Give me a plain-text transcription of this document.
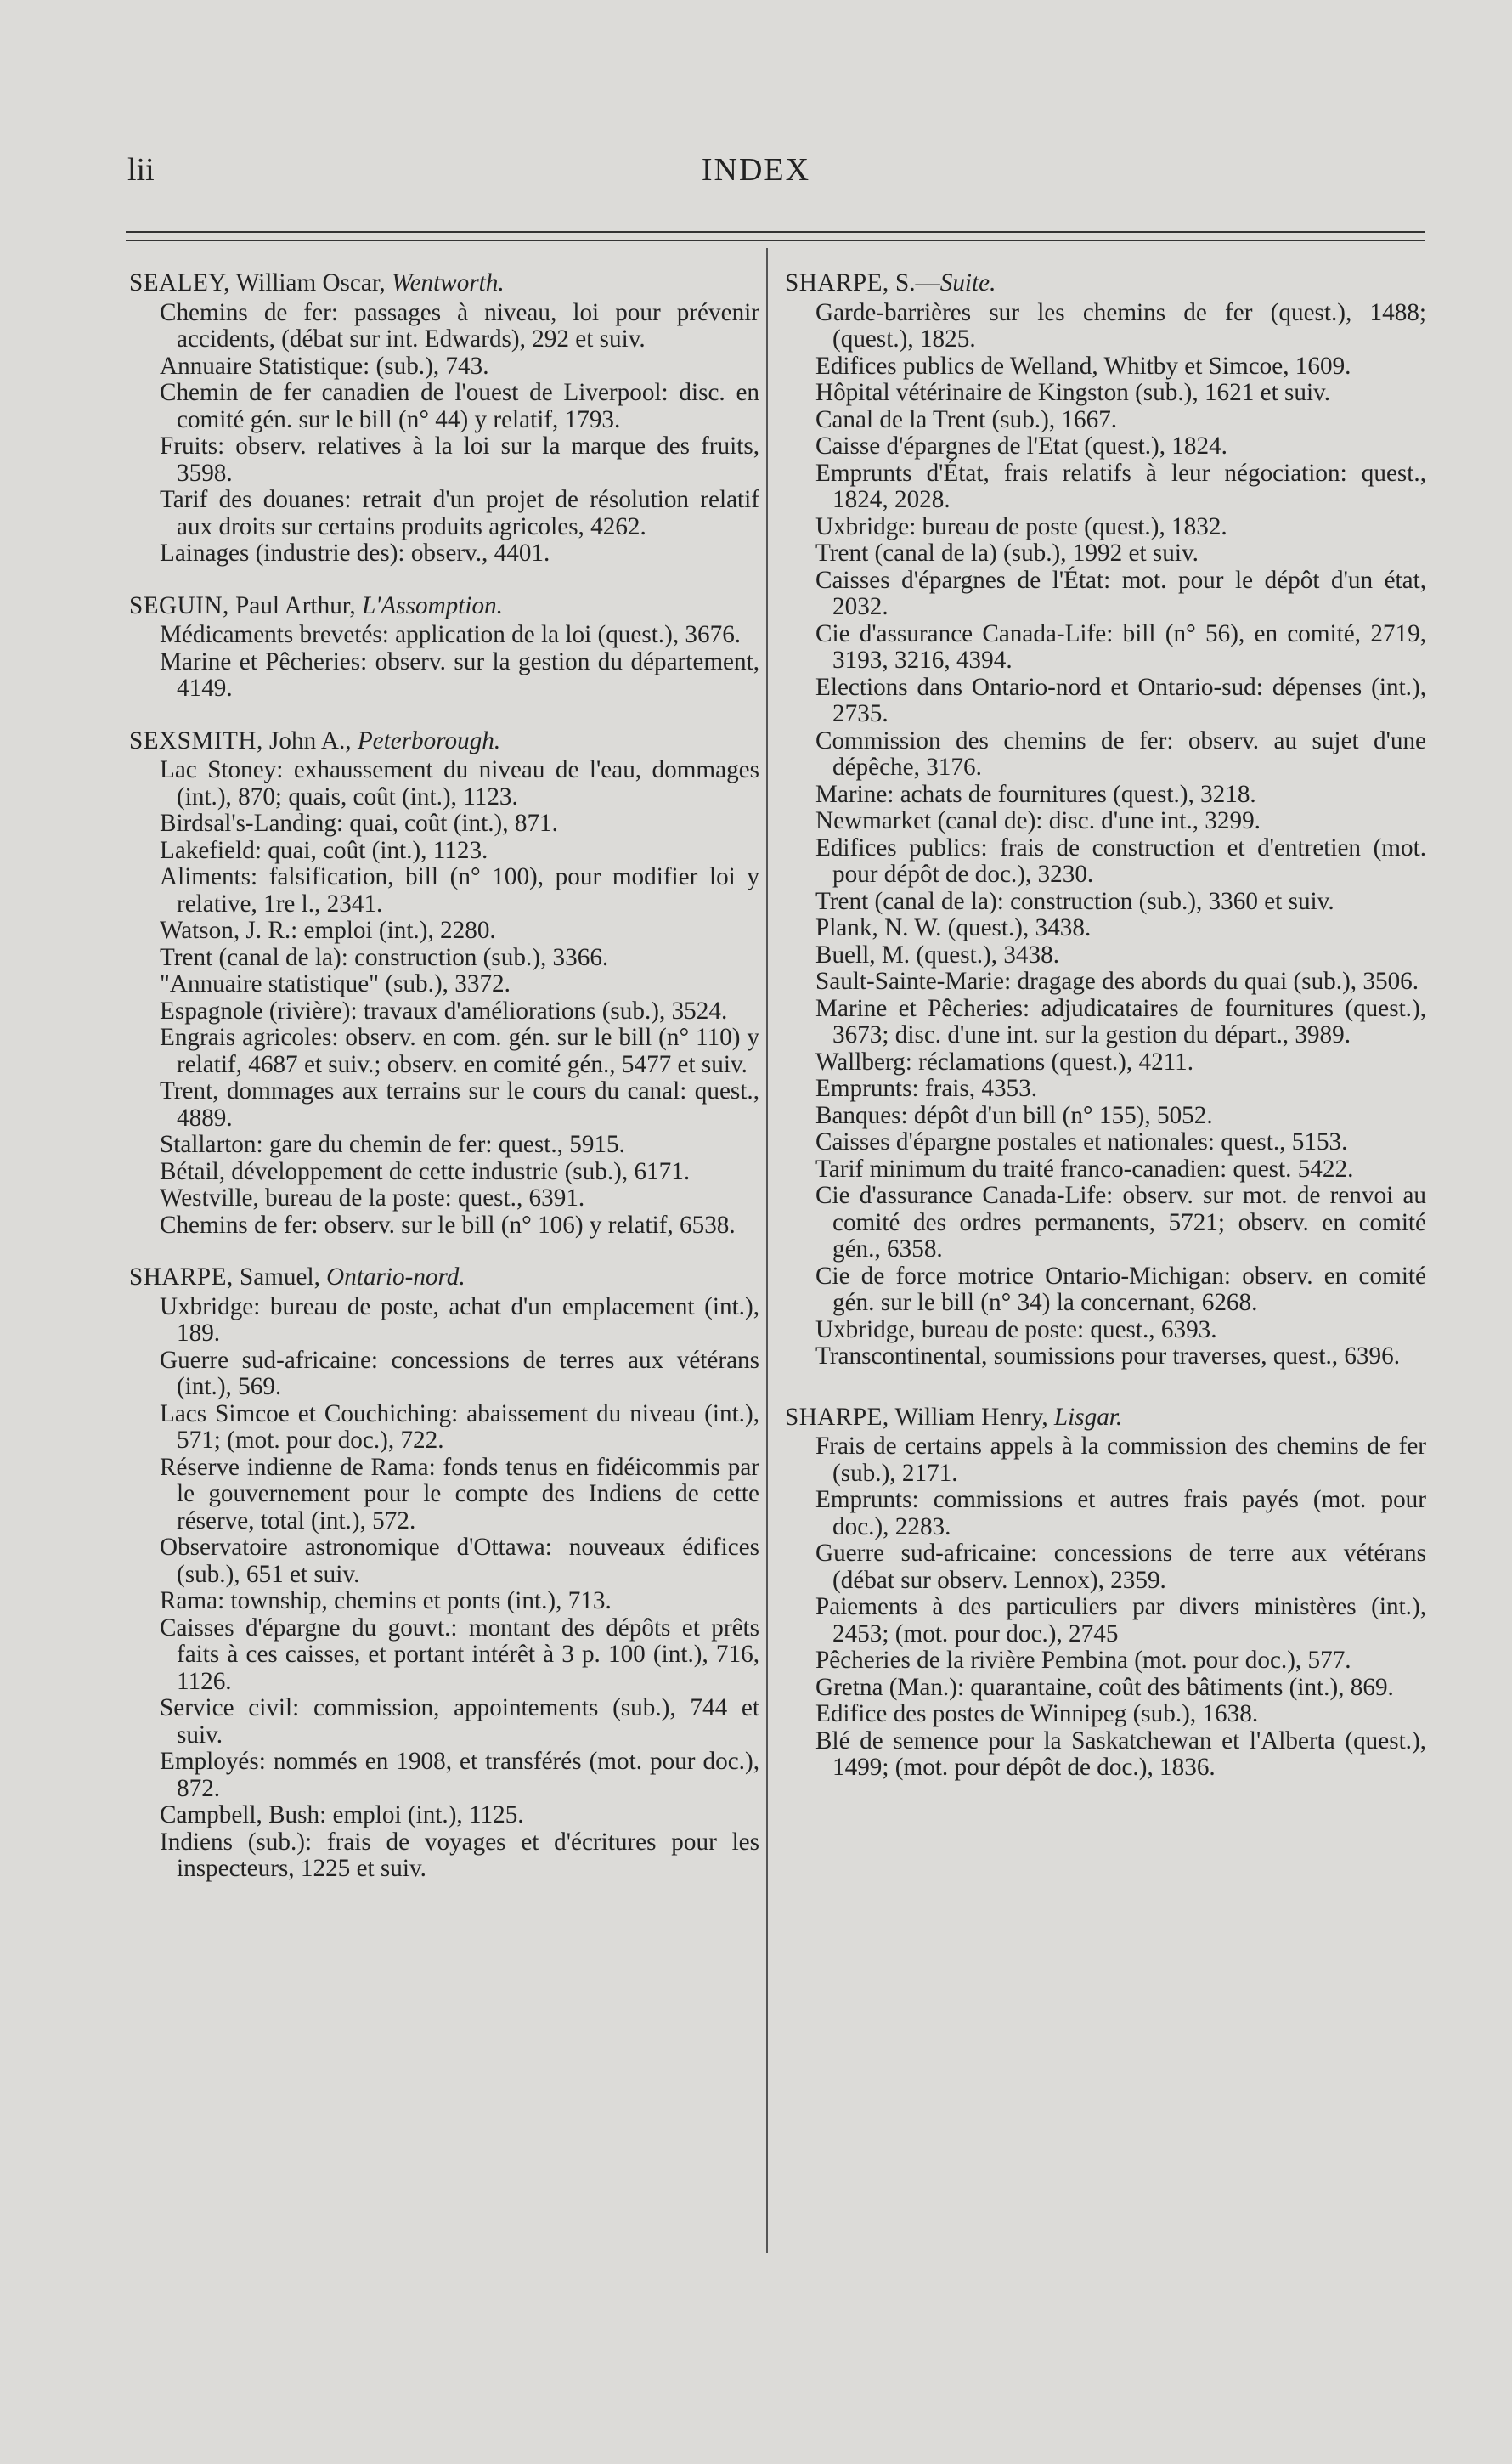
lii	INDEX
SEALEY, William Oscar, Wentworth.

Chemins de fer: passages à niveau, loi pour prévenir accidents, (débat sur int. Edwards), 292 et suiv.

Annuaire Statistique: (sub.), 743.

Chemin de fer canadien de l'ouest de Liverpool: disc. en comité gén. sur le bill (n° 44) y relatif, 1793.

Fruits: observ. relatives à la loi sur la marque des fruits, 3598.

Tarif des douanes: retrait d'un projet de résolution relatif aux droits sur certains produits agricoles, 4262.

Lainages (industrie des): observ., 4401.

SEGUIN, Paul Arthur, L'Assomption.

Médicaments brevetés: application de la loi (quest.), 3676.

Marine et Pêcheries: observ. sur la gestion du département, 4149.

SEXSMITH, John A., Peterborough.

Lac Stoney: exhaussement du niveau de l'eau, dommages (int.), 870; quais, coût (int.), 1123.

Birdsal's-Landing: quai, coût (int.), 871.

Lakefield: quai, coût (int.), 1123.

Aliments: falsification, bill (n° 100), pour modifier loi y relative, 1re l., 2341.

Watson, J. R.: emploi (int.), 2280.

Trent (canal de la): construction (sub.), 3366.

"Annuaire statistique" (sub.), 3372.

Espagnole (rivière): travaux d'améliorations (sub.), 3524.

Engrais agricoles: observ. en com. gén. sur le bill (n° 110) y relatif, 4687 et suiv.; observ. en comité gén., 5477 et suiv.

Trent, dommages aux terrains sur le cours du canal: quest., 4889.

Stallarton: gare du chemin de fer: quest., 5915.

Bétail, développement de cette industrie (sub.), 6171.

Westville, bureau de la poste: quest., 6391.

Chemins de fer: observ. sur le bill (n° 106) y relatif, 6538.

SHARPE, Samuel, Ontario-nord.

Uxbridge: bureau de poste, achat d'un emplacement (int.), 189.

Guerre sud-africaine: concessions de terres aux vétérans (int.), 569.

Lacs Simcoe et Couchiching: abaissement du niveau (int.), 571; (mot. pour doc.), 722.

Réserve indienne de Rama: fonds tenus en fidéicommis par le gouvernement pour le compte des Indiens de cette réserve, total (int.), 572.

Observatoire astronomique d'Ottawa: nouveaux édifices (sub.), 651 et suiv.

Rama: township, chemins et ponts (int.), 713.

Caisses d'épargne du gouvt.: montant des dépôts et prêts faits à ces caisses, et portant intérêt à 3 p. 100 (int.), 716, 1126.

Service civil: commission, appointements (sub.), 744 et suiv.

Employés: nommés en 1908, et transférés (mot. pour doc.), 872.

Campbell, Bush: emploi (int.), 1125.

Indiens (sub.): frais de voyages et d'écritures pour les inspecteurs, 1225 et suiv.

SHARPE, S.—Suite.

Garde-barrières sur les chemins de fer (quest.), 1488; (quest.), 1825.

Edifices publics de Welland, Whitby et Simcoe, 1609.

Hôpital vétérinaire de Kingston (sub.), 1621 et suiv.

Canal de la Trent (sub.), 1667.

Caisse d'épargnes de l'Etat (quest.), 1824.

Emprunts d'État, frais relatifs à leur négociation: quest., 1824, 2028.

Uxbridge: bureau de poste (quest.), 1832.

Trent (canal de la) (sub.), 1992 et suiv.

Caisses d'épargnes de l'État: mot. pour le dépôt d'un état, 2032.

Cie d'assurance Canada-Life: bill (n° 56), en comité, 2719, 3193, 3216, 4394.

Elections dans Ontario-nord et Ontario-sud: dépenses (int.), 2735.

Commission des chemins de fer: observ. au sujet d'une dépêche, 3176.

Marine: achats de fournitures (quest.), 3218.

Newmarket (canal de): disc. d'une int., 3299.

Edifices publics: frais de construction et d'entretien (mot. pour dépôt de doc.), 3230.

Trent (canal de la): construction (sub.), 3360 et suiv.

Plank, N. W. (quest.), 3438.

Buell, M. (quest.), 3438.

Sault-Sainte-Marie: dragage des abords du quai (sub.), 3506.

Marine et Pêcheries: adjudicataires de fournitures (quest.), 3673; disc. d'une int. sur la gestion du départ., 3989.

Wallberg: réclamations (quest.), 4211.

Emprunts: frais, 4353.

Banques: dépôt d'un bill (n° 155), 5052.

Caisses d'épargne postales et nationales: quest., 5153.

Tarif minimum du traité franco-canadien: quest. 5422.

Cie d'assurance Canada-Life: observ. sur mot. de renvoi au comité des ordres permanents, 5721; observ. en comité gén., 6358.

Cie de force motrice Ontario-Michigan: observ. en comité gén. sur le bill (n° 34) la concernant, 6268.

Uxbridge, bureau de poste: quest., 6393.

Transcontinental, soumissions pour traverses, quest., 6396.

SHARPE, William Henry, Lisgar.

Frais de certains appels à la commission des chemins de fer (sub.), 2171.

Emprunts: commissions et autres frais payés (mot. pour doc.), 2283.

Guerre sud-africaine: concessions de terre aux vétérans (débat sur observ. Lennox), 2359.

Paiements à des particuliers par divers ministères (int.), 2453; (mot. pour doc.), 2745

Pêcheries de la rivière Pembina (mot. pour doc.), 577.

Gretna (Man.): quarantaine, coût des bâtiments (int.), 869.

Edifice des postes de Winnipeg (sub.), 1638.

Blé de semence pour la Saskatchewan et l'Alberta (quest.), 1499; (mot. pour dépôt de doc.), 1836.
